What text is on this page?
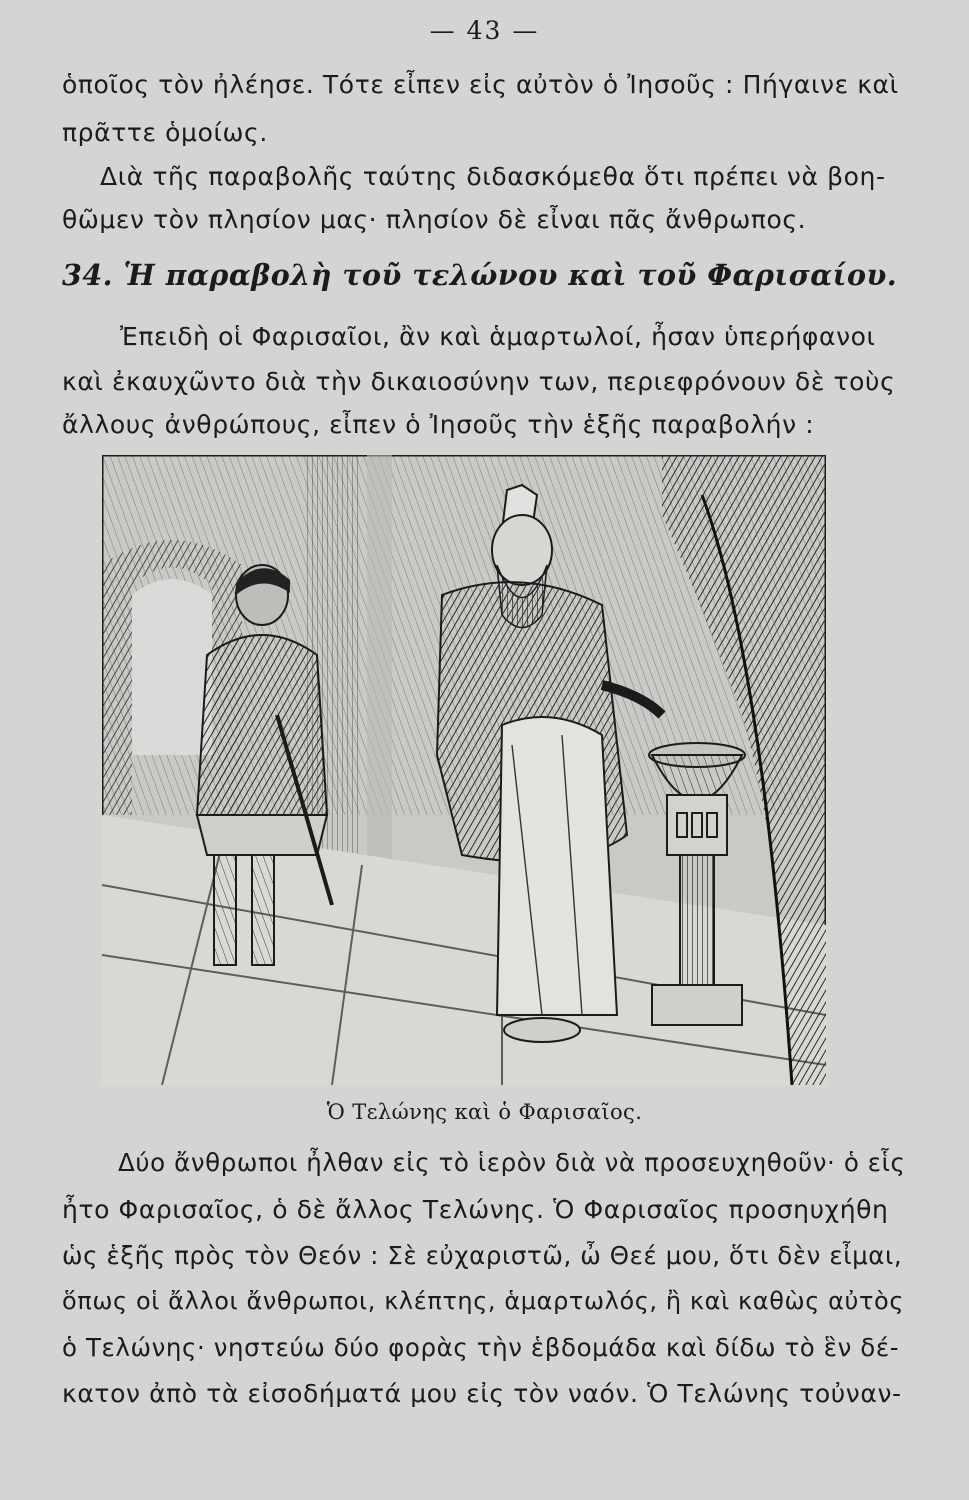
— 43 —
ὁποῖος τὸν ἠλέησε. Τότε εἶπεν εἰς αὐτὸν ὁ Ἰησοῦς : Πήγαινε καὶ
πρᾶττε ὁμοίως.
Διὰ τῆς παραβολῆς ταύτης διδασκόμεθα ὅτι πρέπει νὰ βοη-
θῶμεν τὸν πλησίον μας· πλησίον δὲ εἶναι πᾶς ἄνθρωπος.
34. Ἡ παραβολὴ τοῦ τελώνου καὶ τοῦ Φαρισαίου.
Ἐπειδὴ οἱ Φαρισαῖοι, ἂν καὶ ἁμαρτωλοί, ἦσαν ὑπερήφανοι
καὶ ἐκαυχῶντο διὰ τὴν δικαιοσύνην των, περιεφρόνουν δὲ τοὺς
ἄλλους ἀνθρώπους, εἶπεν ὁ Ἰησοῦς τὴν ἑξῆς παραβολήν :
Ὁ Τελώνης καὶ ὁ Φαρισαῖος.
Δύο ἄνθρωποι ἦλθαν εἰς τὸ ἱερὸν διὰ νὰ προσευχηθοῦν· ὁ εἷς
ἦτο Φαρισαῖος, ὁ δὲ ἄλλος Τελώνης. Ὁ Φαρισαῖος προσηυχήθη
ὡς ἑξῆς πρὸς τὸν Θεόν : Σὲ εὐχαριστῶ, ὦ Θεέ μου, ὅτι δὲν εἶμαι,
ὅπως οἱ ἄλλοι ἄνθρωποι, κλέπτης, ἁμαρτωλός, ἢ καὶ καθὼς αὐτὸς
ὁ Τελώνης· νηστεύω δύο φορὰς τὴν ἑβδομάδα καὶ δίδω τὸ ἓν δέ-
κατον ἀπὸ τὰ εἰσοδήματά μου εἰς τὸν ναόν. Ὁ Τελώνης τοὐναν-
